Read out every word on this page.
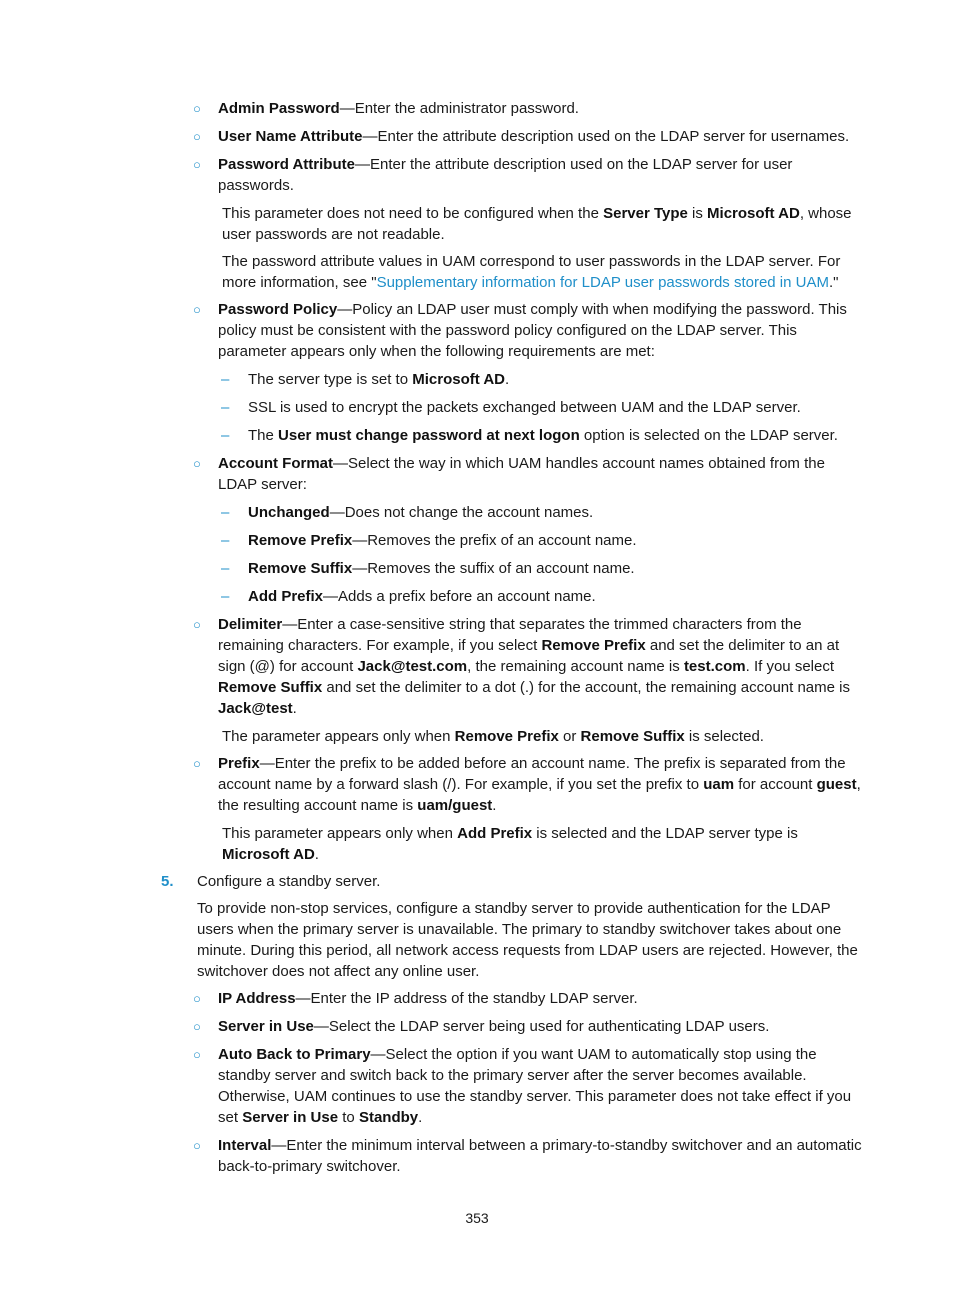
○ Admin Password—Enter the administrator password.
○ User Name Attribute—Enter the attribute description used on the LDAP server for usernames.
○ Password Attribute—Enter the attribute description used on the LDAP server for user passwords.
This parameter does not need to be configured when the Server Type is Microsoft AD, whose user passwords are not readable.
The password attribute values in UAM correspond to user passwords in the LDAP server. For more information, see "Supplementary information for LDAP user passwords stored in UAM."
○ Password Policy—Policy an LDAP user must comply with when modifying the password. This policy must be consistent with the password policy configured on the LDAP server. This parameter appears only when the following requirements are met:
– The server type is set to Microsoft AD.
– SSL is used to encrypt the packets exchanged between UAM and the LDAP server.
– The User must change password at next logon option is selected on the LDAP server.
○ Account Format—Select the way in which UAM handles account names obtained from the LDAP server:
– Unchanged—Does not change the account names.
– Remove Prefix—Removes the prefix of an account name.
– Remove Suffix—Removes the suffix of an account name.
– Add Prefix—Adds a prefix before an account name.
○ Delimiter—Enter a case-sensitive string that separates the trimmed characters from the remaining characters. For example, if you select Remove Prefix and set the delimiter to an at sign (@) for account Jack@test.com, the remaining account name is test.com. If you select Remove Suffix and set the delimiter to a dot (.) for the account, the remaining account name is Jack@test.
The parameter appears only when Remove Prefix or Remove Suffix is selected.
○ Prefix—Enter the prefix to be added before an account name. The prefix is separated from the account name by a forward slash (/). For example, if you set the prefix to uam for account guest, the resulting account name is uam/guest.
This parameter appears only when Add Prefix is selected and the LDAP server type is Microsoft AD.
5. Configure a standby server.
To provide non-stop services, configure a standby server to provide authentication for the LDAP users when the primary server is unavailable. The primary to standby switchover takes about one minute. During this period, all network access requests from LDAP users are rejected. However, the switchover does not affect any online user.
○ IP Address—Enter the IP address of the standby LDAP server.
○ Server in Use—Select the LDAP server being used for authenticating LDAP users.
○ Auto Back to Primary—Select the option if you want UAM to automatically stop using the standby server and switch back to the primary server after the server becomes available. Otherwise, UAM continues to use the standby server. This parameter does not take effect if you set Server in Use to Standby.
○ Interval—Enter the minimum interval between a primary-to-standby switchover and an automatic back-to-primary switchover.
353
